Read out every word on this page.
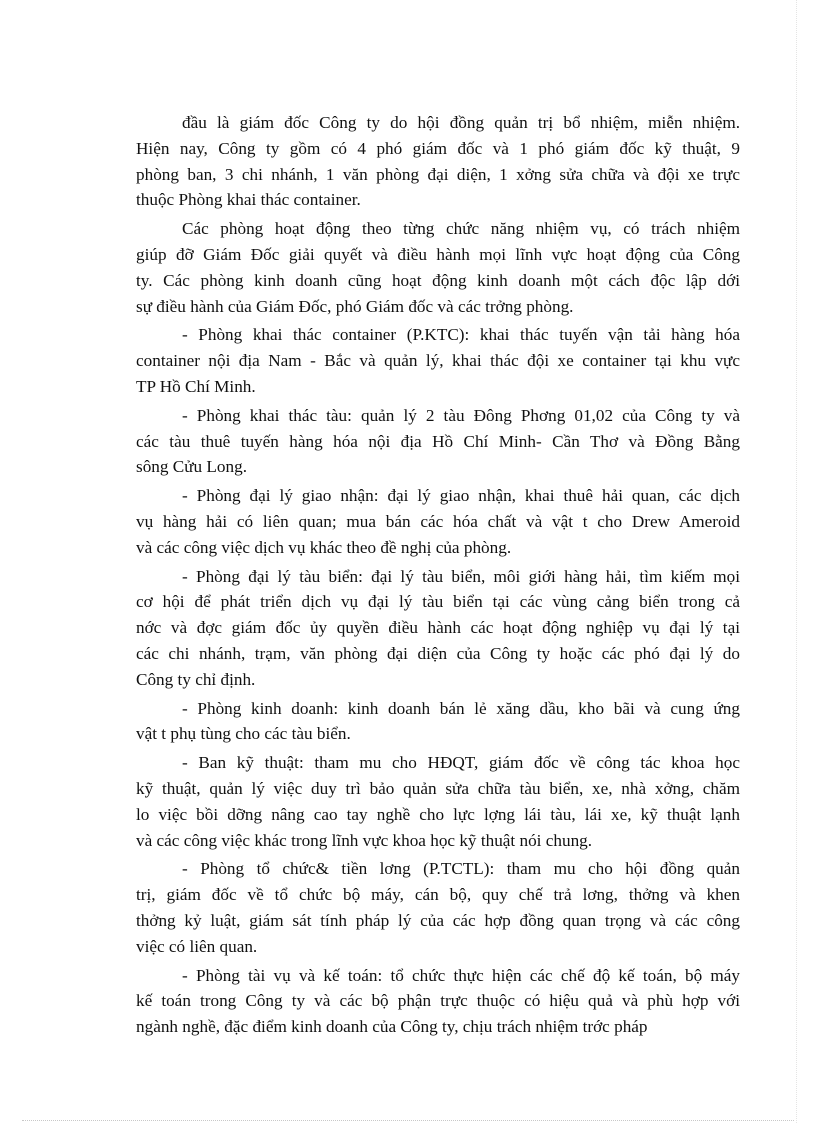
đầu là giám đốc Công ty do hội đồng quản trị bổ nhiệm, miễn nhiệm.
Hiện nay, Công ty gồm có 4 phó giám đốc và 1 phó giám đốc kỹ thuật, 9
phòng ban, 3 chi nhánh, 1 văn phòng đại diện, 1 xởng sửa chữa và đội xe trực
thuộc Phòng khai thác container.

Các phòng hoạt động theo từng chức năng nhiệm vụ, có trách nhiệm
giúp đỡ Giám Đốc giải quyết và điều hành mọi lĩnh vực hoạt động của Công
ty. Các phòng kinh doanh cũng hoạt động kinh doanh một cách độc lập dới
sự điều hành của Giám Đốc, phó Giám đốc và các trởng phòng.

- Phòng khai thác container (P.KTC): khai thác tuyến vận tải hàng hóa
container nội địa Nam - Bắc và quản lý, khai thác đội xe container tại khu vực
TP Hồ Chí Minh.

- Phòng khai thác tàu: quản lý 2 tàu Đông Phơng 01,02 của Công ty và
các tàu thuê tuyến hàng hóa nội địa Hồ Chí Minh- Cần Thơ và Đồng Bằng
sông Cửu Long.

- Phòng đại lý giao nhận: đại lý giao nhận, khai thuê hải quan, các dịch
vụ hàng hải có liên quan; mua bán các hóa chất và vật t cho Drew Ameroid
và các công việc dịch vụ khác theo đề nghị của phòng.

- Phòng đại lý tàu biển: đại lý tàu biển, môi giới hàng hải, tìm kiếm mọi
cơ hội để phát triển dịch vụ đại lý tàu biển tại các vùng cảng biển trong cả
nớc và đợc giám đốc ủy quyền điều hành các hoạt động nghiệp vụ đại lý tại
các chi nhánh, trạm, văn phòng đại diện của Công ty hoặc các phó đại lý do
Công ty chỉ định.

- Phòng kinh doanh: kinh doanh bán lẻ xăng dầu, kho bãi và cung ứng
vật t phụ tùng cho các tàu biển.

- Ban kỹ thuật: tham mu cho HĐQT, giám đốc về công tác khoa học
kỹ thuật, quản lý việc duy trì bảo quản sửa chữa tàu biển, xe, nhà xởng, chăm
lo việc bồi dỡng nâng cao tay nghề cho lực lợng lái tàu, lái xe, kỹ thuật lạnh
và các công việc khác trong lĩnh vực khoa học kỹ thuật nói chung.

- Phòng tổ chức& tiền lơng (P.TCTL): tham mu cho hội đồng quản
trị, giám đốc về tổ chức bộ máy, cán bộ, quy chế trả lơng, thởng và khen
thởng kỷ luật, giám sát tính pháp lý của các hợp đồng quan trọng và các công
việc có liên quan.

- Phòng tài vụ và kế toán: tổ chức thực hiện các chế độ kế toán, bộ máy
kế toán trong Công ty và các bộ phận trực thuộc có hiệu quả và phù hợp với
ngành nghề, đặc điểm kinh doanh của Công ty, chịu trách nhiệm trớc pháp
